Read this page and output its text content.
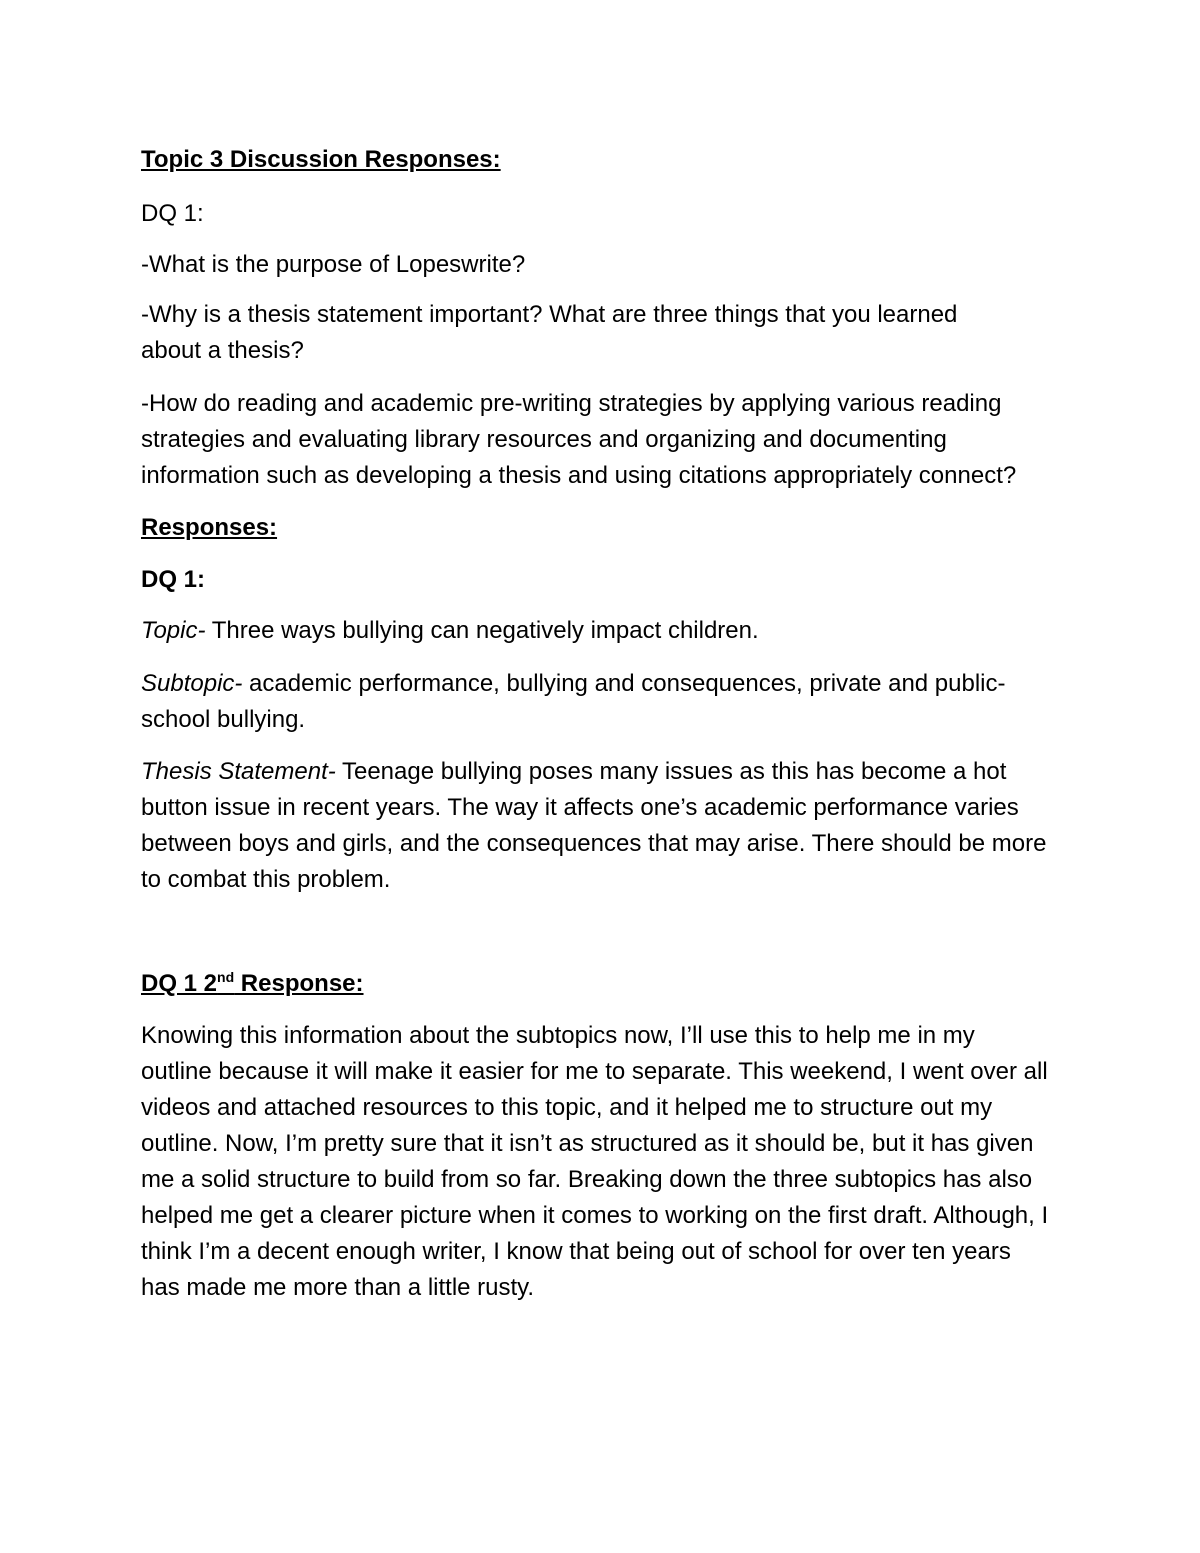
Topic 3 Discussion Responses:

DQ 1:

-What is the purpose of Lopeswrite?

-Why is a thesis statement important? What are three things that you learned about a thesis?

-How do reading and academic pre-writing strategies by applying various reading strategies and evaluating library resources and organizing and documenting information such as developing a thesis and using citations appropriately connect?

Responses:

DQ 1:

Topic- Three ways bullying can negatively impact children.

Subtopic- academic performance, bullying and consequences, private and public-school bullying.

Thesis Statement- Teenage bullying poses many issues as this has become a hot button issue in recent years. The way it affects one’s academic performance varies between boys and girls, and the consequences that may arise. There should be more to combat this problem.

DQ 1 2nd Response:

Knowing this information about the subtopics now, I’ll use this to help me in my outline because it will make it easier for me to separate. This weekend, I went over all videos and attached resources to this topic, and it helped me to structure out my outline. Now, I’m pretty sure that it isn’t as structured as it should be, but it has given me a solid structure to build from so far. Breaking down the three subtopics has also helped me get a clearer picture when it comes to working on the first draft. Although, I think I’m a decent enough writer, I know that being out of school for over ten years has made me more than a little rusty.
